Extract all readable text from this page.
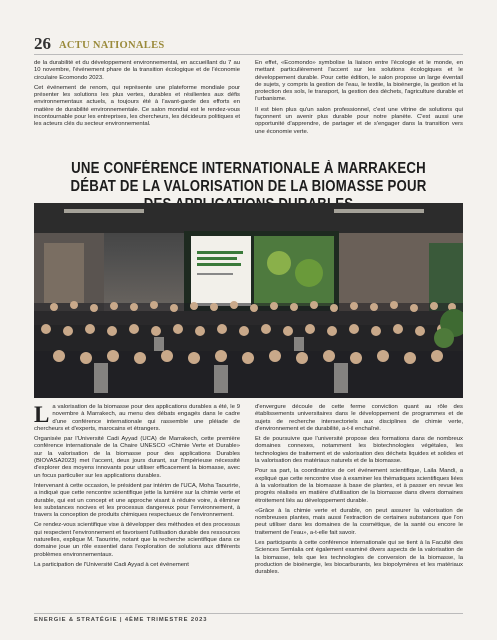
26 ACTU NATIONALES

de la durabilité et du développement environnemental, en accueillant du 7 au 10 novembre, l'événement phare de la transition écologique et de l'économie circulaire Ecomondo 2023.

Cet événement de renom, qui représente une plateforme mondiale pour présenter les solutions les plus vertes, durables et résilientes aux défis environnementaux actuels, a toujours été à l'avant-garde des efforts en matière de durabilité environnementale. Ce salon mondial est le rendez-vous incontournable pour les entreprises, les chercheurs, les décideurs politiques et les acteurs clés du secteur environnemental.

En effet, «Ecomondo» symbolise la liaison entre l'écologie et le monde, en mettant particulièrement l'accent sur les solutions écologiques et le développement durable. Pour cette édition, le salon propose un large éventail de sujets, y compris la gestion de l'eau, le textile, la bioénergie, la gestion et la protection des sols, le transport, la gestion des déchets, l'agriculture durable et l'urbanisme.

Il est bien plus qu'un salon professionnel, c'est une vitrine de solutions qui façonnent un avenir plus durable pour notre planète. C'est aussi une opportunité d'apprendre, de partager et de s'engager dans la transition vers une économie verte.

UNE CONFÉRENCE INTERNATIONALE À MARRAKECH DÉBAT DE LA VALORISATION DE LA BIOMASSE POUR

La valorisation de la biomasse pour des applications durables a été, le 9 novembre à Marrakech, au menu des débats engagés dans le cadre d'une conférence internationale qui rassemble une pléiade de chercheurs et d'experts, marocains et étrangers.

Organisée par l'Université Cadi Ayyad (UCA) de Marrakech, cette première conférence internationale de la Chaire UNESCO «Chimie Verte et Durable» sur la valorisation de la biomasse pour des applications Durables (BIOVASA2023) met l'accent, deux jours durant, sur l'impérieuse nécessité d'explorer des moyens innovants pour utiliser efficacement la biomasse, avec un focus particulier sur les applications durables.

Intervenant à cette occasion, le président par intérim de l'UCA, Moha Taourirte, a indiqué que cette rencontre scientifique jette la lumière sur la chimie verte et durable, qui est un concept et une approche visant à réduire voire, à éliminer les substances nocives et les processus dangereux pour l'environnement, à travers la conception de produits chimiques respectueux de l'environnement.

Ce rendez-vous scientifique vise à développer des méthodes et des processus qui respectent l'environnement et favorisent l'utilisation durable des ressources naturelles, explique M. Taourirte, notant que la recherche scientifique dans ce domaine joue un rôle essentiel dans l'exploration de solutions aux différents problèmes environnementaux.

La participation de l'Université Cadi Ayyad à cet événement

d'envergure découle de cette ferme conviction quant au rôle des établissements universitaires dans le développement de programmes et de sujets de recherche intersectoriels aux disciplines de chimie verte, d'environnement et de durabilité, a-t-il enchaîné.

Et de poursuivre que l'université propose des formations dans de nombreux domaines connexes, notamment les biotechnologies végétales, les technologies de traitement et de valorisation des déchets liquides et solides et la valorisation des matériaux naturels et de la biomasse.

Pour sa part, la coordinatrice de cet événement scientifique, Laila Mandi, a expliqué que cette rencontre vise à examiner les thématiques scientifiques liées à la valorisation de la biomasse à base de plantes, et à passer en revue les progrès réalisés en matière d'utilisation de la biomasse dans divers domaines étroitement liés au développement durable.

«Grâce à la chimie verte et durable, on peut assurer la valorisation de nombreuses plantes, mais aussi l'extraction de certaines substances que l'on peut utiliser dans les domaines de la cosmétique, de la santé ou encore le traitement de l'eau», a-t-elle fait savoir.

Les participants à cette conférence internationale qui se tient à la Faculté des Sciences Semlalia ont également examiné divers aspects de la valorisation de la biomasse, tels que les technologies de conversion de la biomasse, la production de bioénergie, les biocarburants, les biopolymères et les matériaux durables.

ENERGIE & STRATÉGIE | 4ÈME TRIMESTRE 2023
